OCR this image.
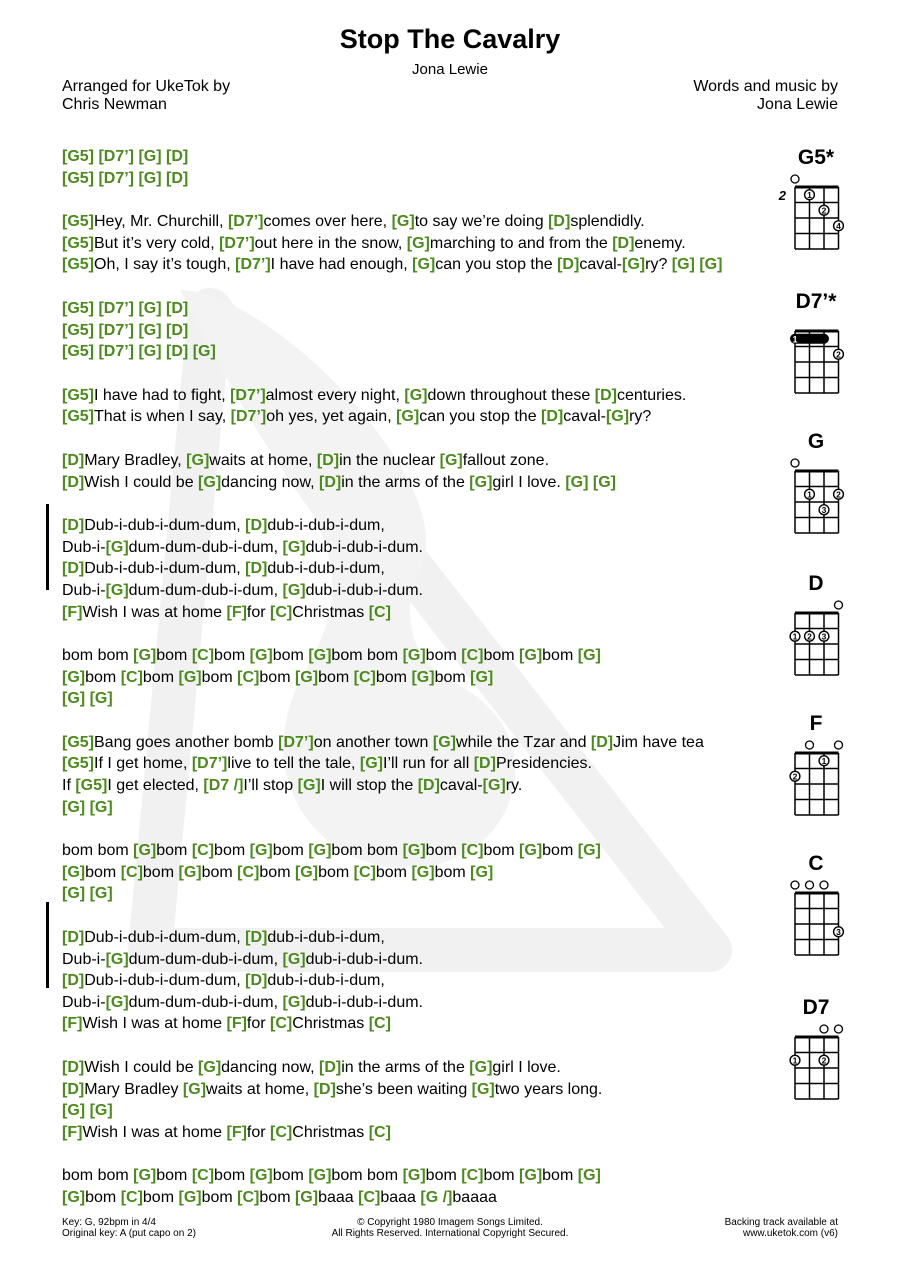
Stop The Cavalry
Jona Lewie
Arranged for UkeTok by
Chris Newman
Words and music by
Jona Lewie
[G5] [D7’] [G] [D]
[G5] [D7’] [G] [D]
[G5]Hey, Mr. Churchill, [D7’]comes over here, [G]to say we’re doing [D]splendidly.
[G5]But it’s very cold, [D7’]out here in the snow, [G]marching to and from the [D]enemy.
[G5]Oh, I say it’s tough, [D7’]I have had enough, [G]can you stop the [D]caval-[G]ry? [G] [G]
[G5] [D7’] [G] [D]
[G5] [D7’] [G] [D]
[G5] [D7’] [G] [D] [G]
[G5]I have had to fight, [D7’]almost every night, [G]down throughout these [D]centuries.
[G5]That is when I say, [D7’]oh yes, yet again, [G]can you stop the [D]caval-[G]ry?
[D]Mary Bradley, [G]waits at home, [D]in the nuclear [G]fallout zone.
[D]Wish I could be [G]dancing now, [D]in the arms of the [G]girl I love. [G] [G]
[D]Dub-i-dub-i-dum-dum, [D]dub-i-dub-i-dum,
Dub-i-[G]dum-dum-dub-i-dum, [G]dub-i-dub-i-dum.
[D]Dub-i-dub-i-dum-dum, [D]dub-i-dub-i-dum,
Dub-i-[G]dum-dum-dub-i-dum, [G]dub-i-dub-i-dum.
[F]Wish I was at home [F]for [C]Christmas [C]
bom bom [G]bom [C]bom [G]bom [G]bom bom [G]bom [C]bom [G]bom [G]
[G]bom [C]bom [G]bom [C]bom [G]bom [C]bom [G]bom [G]
[G] [G]
[G5]Bang goes another bomb [D7’]on another town [G]while the Tzar and [D]Jim have tea
[G5]If I get home, [D7’]live to tell the tale, [G]I’ll run for all [D]Presidencies.
If [G5]I get elected, [D7 /]I’ll stop [G]I will stop the [D]caval-[G]ry.
[G] [G]
bom bom [G]bom [C]bom [G]bom [G]bom bom [G]bom [C]bom [G]bom [G]
[G]bom [C]bom [G]bom [C]bom [G]bom [C]bom [G]bom [G]
[G] [G]
[D]Dub-i-dub-i-dum-dum, [D]dub-i-dub-i-dum,
Dub-i-[G]dum-dum-dub-i-dum, [G]dub-i-dub-i-dum.
[D]Dub-i-dub-i-dum-dum, [D]dub-i-dub-i-dum,
Dub-i-[G]dum-dum-dub-i-dum, [G]dub-i-dub-i-dum.
[F]Wish I was at home [F]for [C]Christmas [C]
[D]Wish I could be [G]dancing now, [D]in the arms of the [G]girl I love.
[D]Mary Bradley [G]waits at home, [D]she’s been waiting [G]two years long.
[G] [G]
[F]Wish I was at home [F]for [C]Christmas [C]
bom bom [G]bom [C]bom [G]bom [G]bom bom [G]bom [C]bom [G]bom [G]
[G]bom [C]bom [G]bom [C]bom [G]baaa [C]baaa [G /]baaaa
G5*
2 1
2
4
D7’*
1
2
G
1	2
3
D
1 2 3
F
1
2
C
3
D7
1	2
Key: G, 92bpm in 4/4
Original key: A (put capo on 2)
© Copyright 1980 Imagem Songs Limited.
All Rights Reserved. International Copyright Secured.
Backing track available at
www.uketok.com (v6)
